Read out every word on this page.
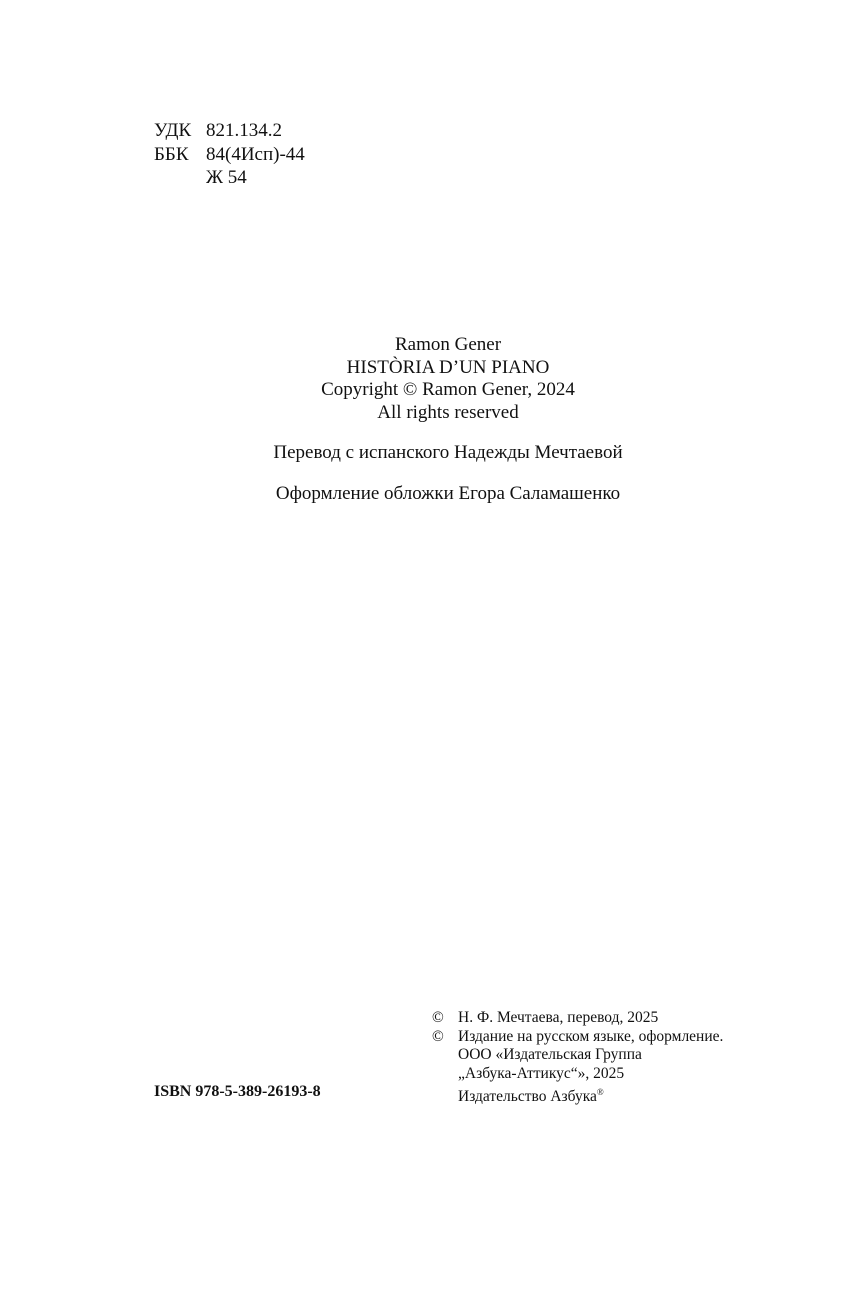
УДК 821.134.2
ББК 84(4Исп)-44
Ж 54
Ramon Gener
HISTÒRIA D’UN PIANO
Copyright © Ramon Gener, 2024
All rights reserved
Перевод с испанского Надежды Мечтаевой
Оформление обложки Егора Саламашенко
ISBN 978-5-389-26193-8
© Н. Ф. Мечтаева, перевод, 2025
© Издание на русском языке, оформление.
ООО «Издательская Группа
„Азбука-Аттикус“», 2025
Издательство Азбука®
